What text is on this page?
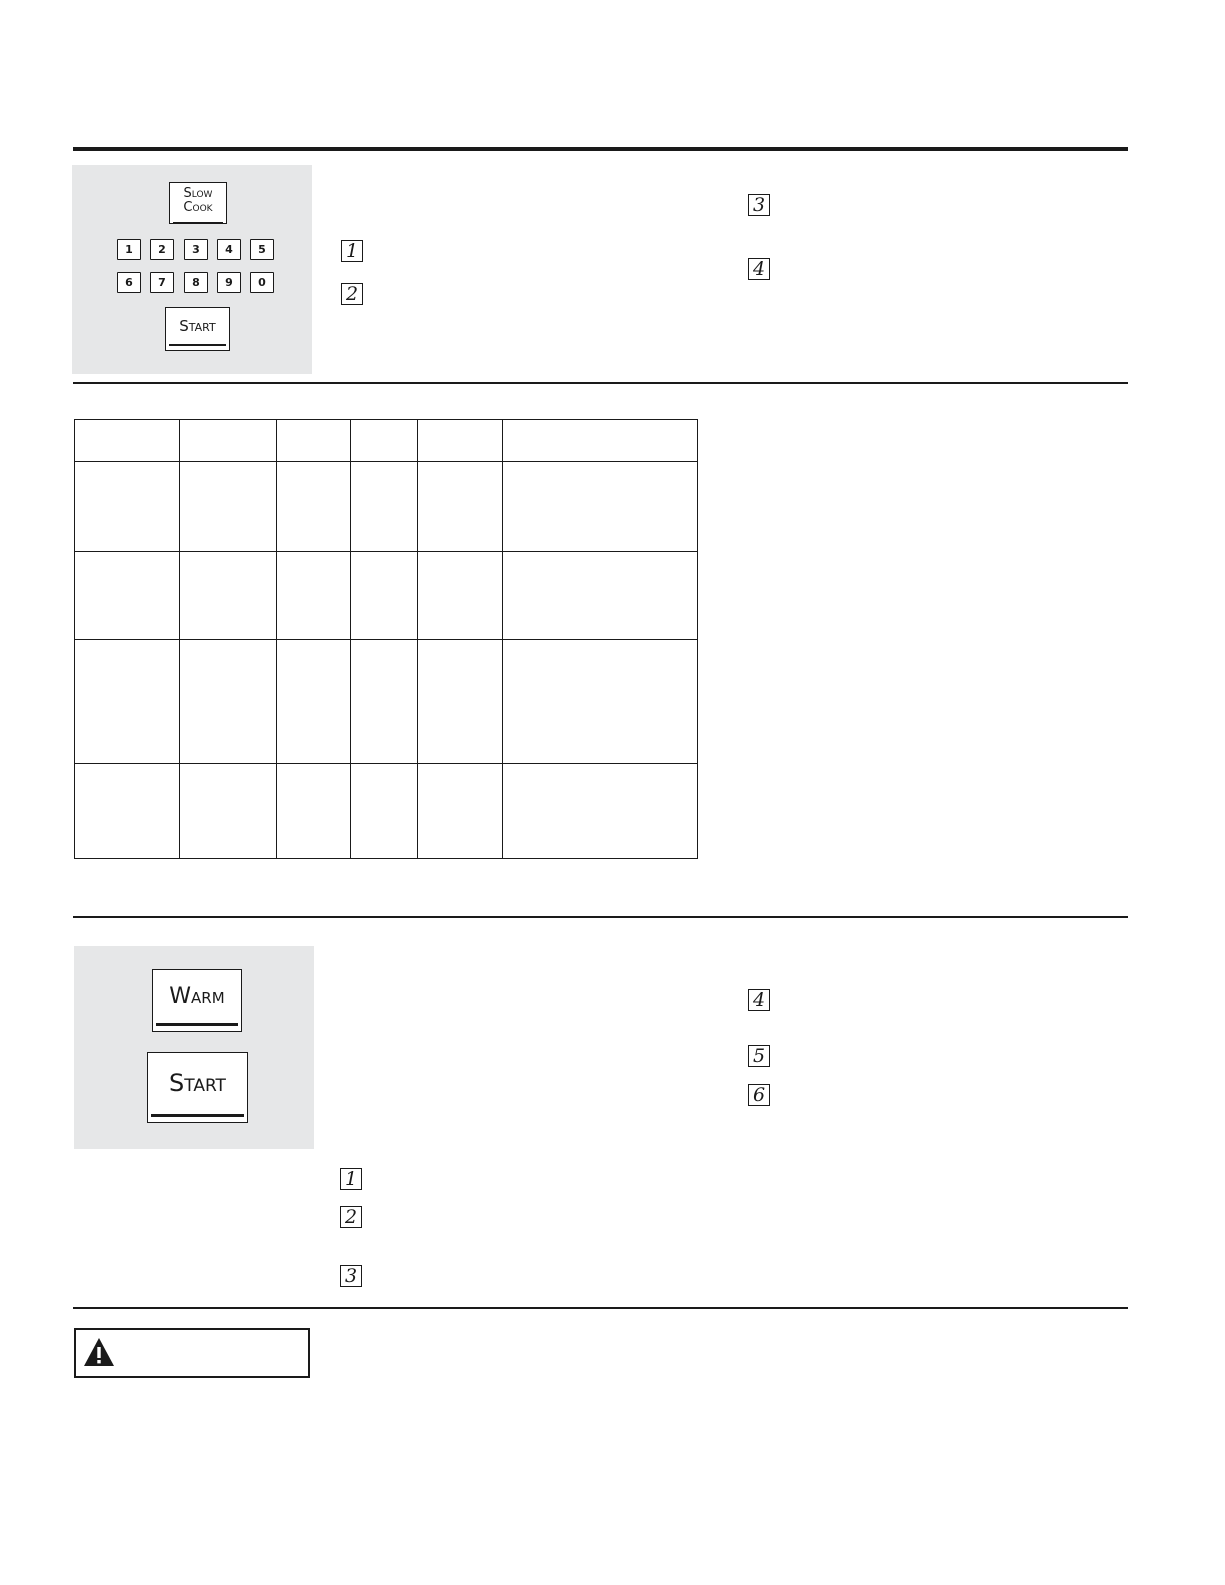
Slow
Cook
1	2	3	4	5
6	7	8	9	0
Start
1
2
3
4
Warm
Start
1
2
3
4
5
6
